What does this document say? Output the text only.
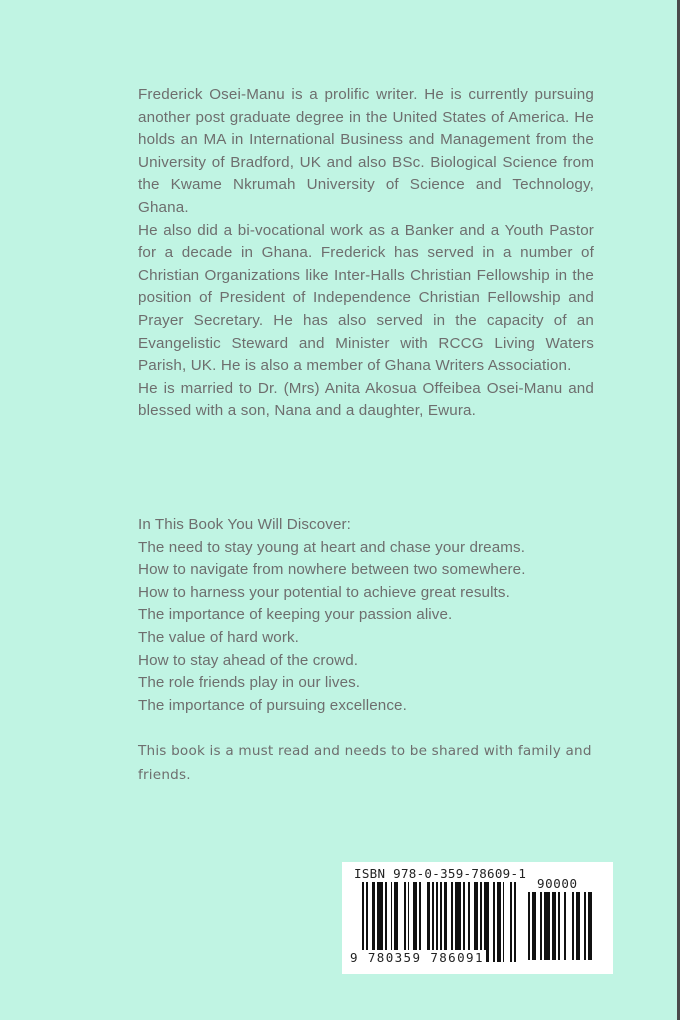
Frederick Osei-Manu is a prolific writer. He is currently pursuing another post graduate degree in the United States of America. He holds an MA in International Business and Management from the University of Bradford, UK and also BSc. Biological Science from the Kwame Nkrumah University of Science and Technology, Ghana.

He also did a bi-vocational work as a Banker and a Youth Pastor for a decade in Ghana. Frederick has served in a number of Christian Organizations like Inter-Halls Christian Fellowship in the position of President of Independence Christian Fellowship and Prayer Secretary. He has also served in the capacity of an Evangelistic Steward and Minister with RCCG Living Waters Parish, UK. He is also a member of Ghana Writers Association.

He is married to Dr. (Mrs) Anita Akosua Offeibea Osei-Manu and blessed with a son, Nana and a daughter, Ewura.

In This Book You Will Discover:
The need to stay young at heart and chase your dreams.
How to navigate from nowhere between two somewhere.
How to harness your potential to achieve great results.
The importance of keeping your passion alive.
The value of hard work.
How to stay ahead of the crowd.
The role friends play in our lives.
The importance of pursuing excellence.
This book is a must read and needs to be shared with family and friends.
ISBN 978-0-359-78609-1
90000
9 780359 786091
